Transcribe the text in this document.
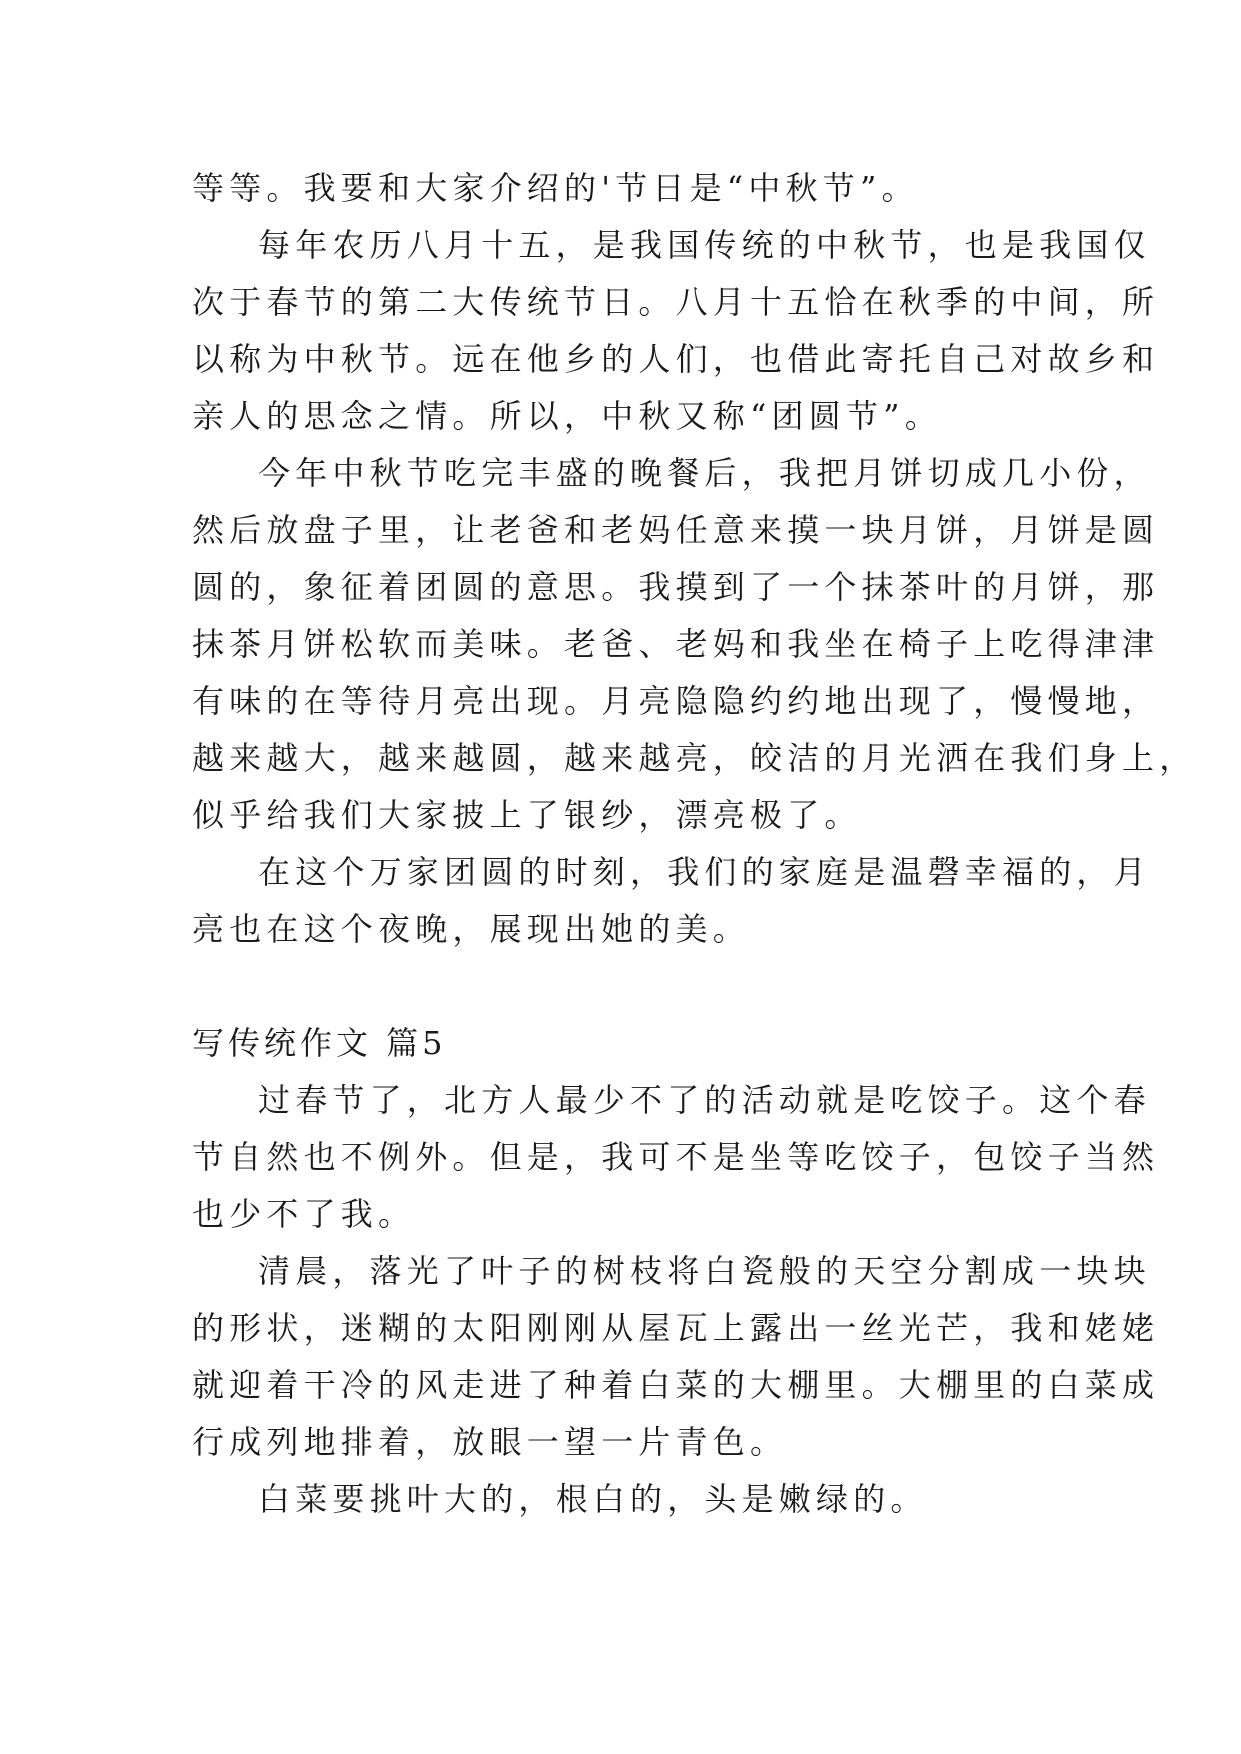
等等。我要和大家介绍的'节日是“中秋节”。
每年农历八月十五，是我国传统的中秋节，也是我国仅
次于春节的第二大传统节日。八月十五恰在秋季的中间，所
以称为中秋节。远在他乡的人们，也借此寄托自己对故乡和
亲人的思念之情。所以，中秋又称“团圆节”。
今年中秋节吃完丰盛的晚餐后，我把月饼切成几小份，
然后放盘子里，让老爸和老妈任意来摸一块月饼，月饼是圆
圆的，象征着团圆的意思。我摸到了一个抹茶叶的月饼，那
抹茶月饼松软而美味。老爸、老妈和我坐在椅子上吃得津津
有味的在等待月亮出现。月亮隐隐约约地出现了，慢慢地，
越来越大，越来越圆，越来越亮，皎洁的月光洒在我们身上，
似乎给我们大家披上了银纱，漂亮极了。
在这个万家团圆的时刻，我们的家庭是温磬幸福的，月
亮也在这个夜晚，展现出她的美。
写传统作文 篇5
过春节了，北方人最少不了的活动就是吃饺子。这个春
节自然也不例外。但是，我可不是坐等吃饺子，包饺子当然
也少不了我。
清晨，落光了叶子的树枝将白瓷般的天空分割成一块块
的形状，迷糊的太阳刚刚从屋瓦上露出一丝光芒，我和姥姥
就迎着干冷的风走进了种着白菜的大棚里。大棚里的白菜成
行成列地排着，放眼一望一片青色。
白菜要挑叶大的，根白的，头是嫩绿的。
